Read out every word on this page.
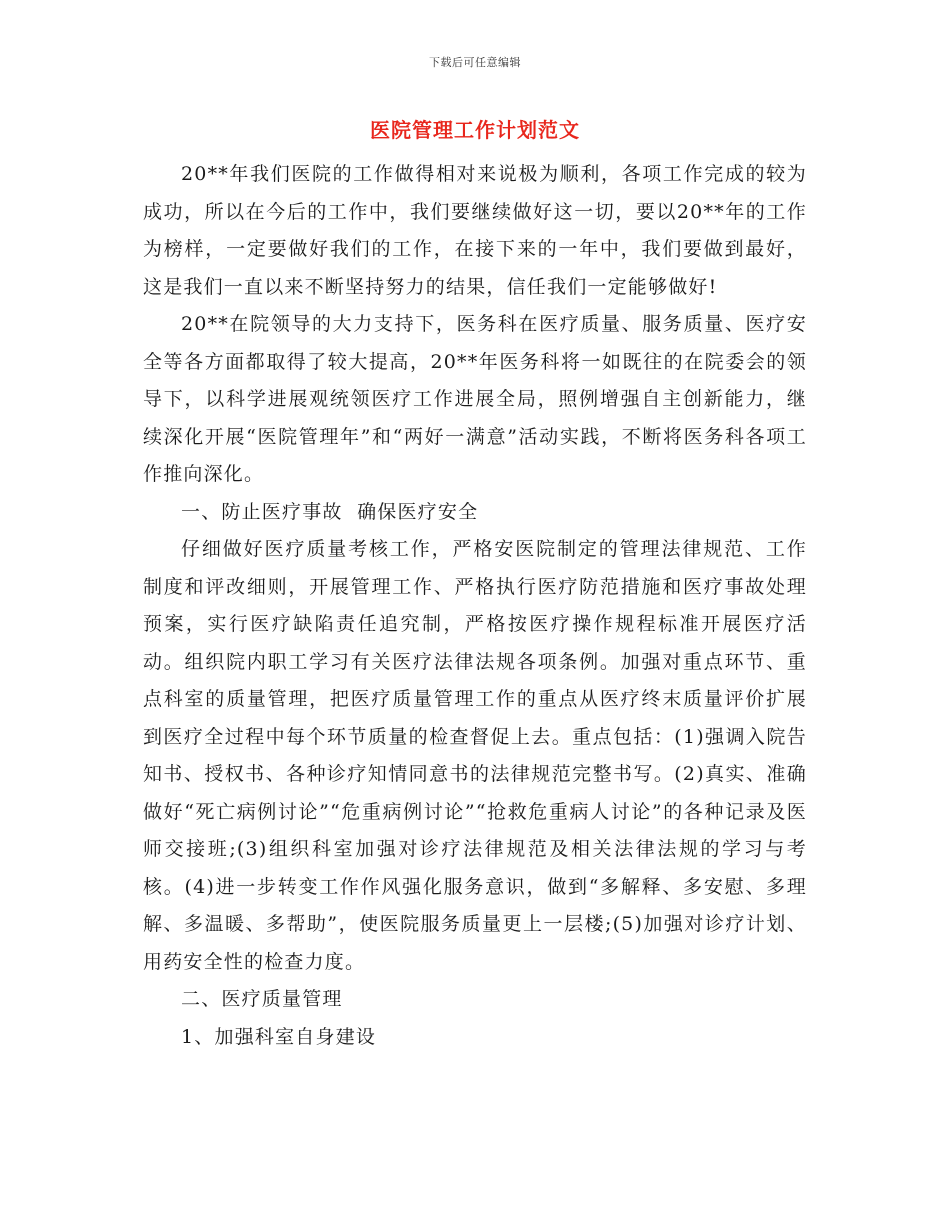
下载后可任意编辑
医院管理工作计划范文

20**年我们医院的工作做得相对来说极为顺利，各项工作完成的较为成功，所以在今后的工作中，我们要继续做好这一切，要以20**年的工作为榜样，一定要做好我们的工作，在接下来的一年中，我们要做到最好，这是我们一直以来不断坚持努力的结果，信任我们一定能够做好!

20**在院领导的大力支持下，医务科在医疗质量、服务质量、医疗安全等各方面都取得了较大提高，20**年医务科将一如既往的在院委会的领导下，以科学进展观统领医疗工作进展全局，照例增强自主创新能力，继续深化开展“医院管理年”和“两好一满意”活动实践，不断将医务科各项工作推向深化。

一、防止医疗事故  确保医疗安全

仔细做好医疗质量考核工作，严格安医院制定的管理法律规范、工作制度和评改细则，开展管理工作、严格执行医疗防范措施和医疗事故处理预案，实行医疗缺陷责任追究制，严格按医疗操作规程标准开展医疗活动。组织院内职工学习有关医疗法律法规各项条例。加强对重点环节、重点科室的质量管理，把医疗质量管理工作的重点从医疗终末质量评价扩展到医疗全过程中每个环节质量的检查督促上去。重点包括：(1)强调入院告知书、授权书、各种诊疗知情同意书的法律规范完整书写。(2)真实、准确做好“死亡病例讨论”“危重病例讨论”“抢救危重病人讨论”的各种记录及医师交接班;(3)组织科室加强对诊疗法律规范及相关法律法规的学习与考核。(4)进一步转变工作作风强化服务意识，做到“多解释、多安慰、多理解、多温暖、多帮助”，使医院服务质量更上一层楼;(5)加强对诊疗计划、用药安全性的检查力度。

二、医疗质量管理

1、加强科室自身建设
